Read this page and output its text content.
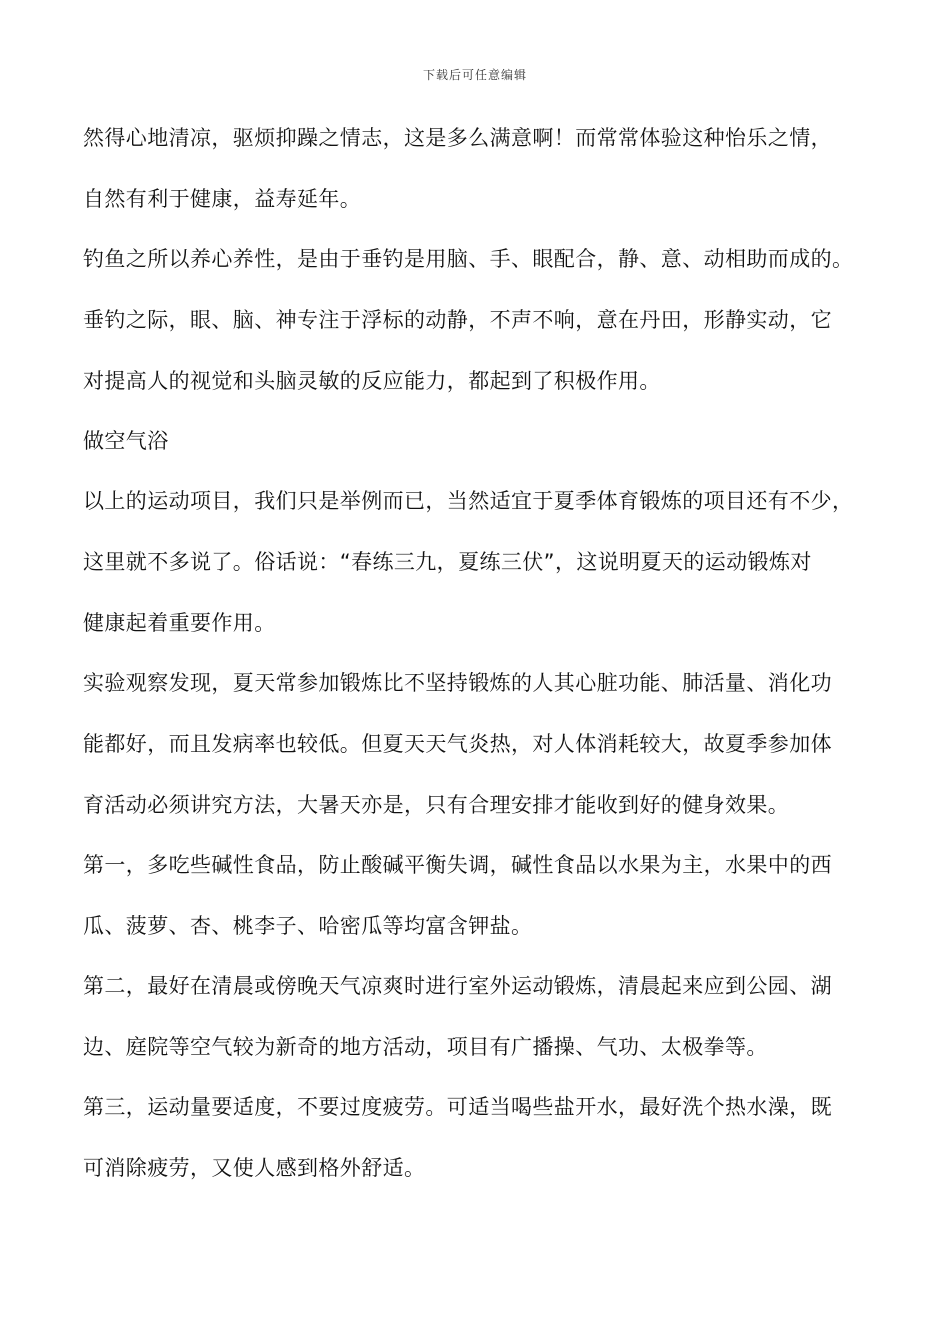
下载后可任意编辑
然得心地清凉，驱烦抑躁之情志，这是多么满意啊！而常常体验这种怡乐之情，
自然有利于健康，益寿延年。
钓鱼之所以养心养性，是由于垂钓是用脑、手、眼配合，静、意、动相助而成的。
垂钓之际，眼、脑、神专注于浮标的动静，不声不响，意在丹田，形静实动，它
对提高人的视觉和头脑灵敏的反应能力，都起到了积极作用。
做空气浴
以上的运动项目，我们只是举例而已，当然适宜于夏季体育锻炼的项目还有不少，
这里就不多说了。俗话说：“春练三九，夏练三伏”，这说明夏天的运动锻炼对
健康起着重要作用。
实验观察发现，夏天常参加锻炼比不坚持锻炼的人其心脏功能、肺活量、消化功
能都好，而且发病率也较低。但夏天天气炎热，对人体消耗较大，故夏季参加体
育活动必须讲究方法，大暑天亦是，只有合理安排才能收到好的健身效果。
第一，多吃些碱性食品，防止酸碱平衡失调，碱性食品以水果为主，水果中的西
瓜、菠萝、杏、桃李子、哈密瓜等均富含钾盐。
第二，最好在清晨或傍晚天气凉爽时进行室外运动锻炼，清晨起来应到公园、湖
边、庭院等空气较为新奇的地方活动，项目有广播操、气功、太极拳等。
第三，运动量要适度，不要过度疲劳。可适当喝些盐开水，最好洗个热水澡，既
可消除疲劳，又使人感到格外舒适。
